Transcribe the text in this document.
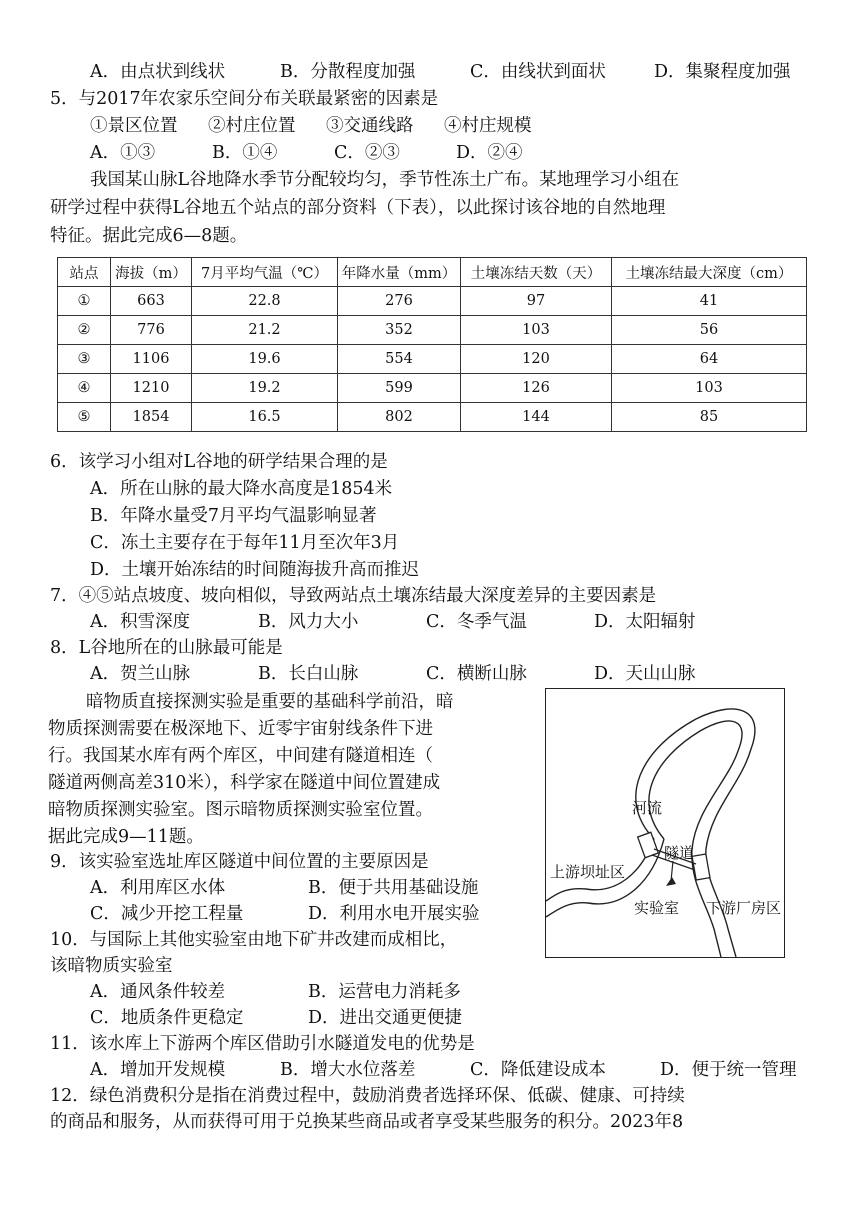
A．由点状到线状	B．分散程度加强	C．由线状到面状	D．集聚程度加强
5．与2017年农家乐空间分布关联最紧密的因素是
①景区位置	②村庄位置	③交通线路	④村庄规模
A．①③	B．①④	C．②③	D．②④
我国某山脉L谷地降水季节分配较均匀，季节性冻土广布。某地理学习小组在
研学过程中获得L谷地五个站点的部分资料（下表），以此探讨该谷地的自然地理
特征。据此完成6—8题。
站点	海拔（m）	7月平均气温（℃）	年降水量（mm）	土壤冻结天数（天）	土壤冻结最大深度（cm）
①	663	22.8	276	97	41
②	776	21.2	352	103	56
③	1106	19.6	554	120	64
④	1210	19.2	599	126	103
⑤	1854	16.5	802	144	85
6．该学习小组对L谷地的研学结果合理的是
A．所在山脉的最大降水高度是1854米
B．年降水量受7月平均气温影响显著
C．冻土主要存在于每年11月至次年3月
D．土壤开始冻结的时间随海拔升高而推迟
7．④⑤站点坡度、坡向相似，导致两站点土壤冻结最大深度差异的主要因素是
A．积雪深度	B．风力大小	C．冬季气温	D．太阳辐射
8．L谷地所在的山脉最可能是
A．贺兰山脉	B．长白山脉	C．横断山脉	D．天山山脉
暗物质直接探测实验是重要的基础科学前沿，暗
物质探测需要在极深地下、近零宇宙射线条件下进
行。我国某水库有两个库区，中间建有隧道相连（
隧道两侧高差310米），科学家在隧道中间位置建成
暗物质探测实验室。图示暗物质探测实验室位置。
据此完成9—11题。
9．该实验室选址库区隧道中间位置的主要原因是
A．利用库区水体	B．便于共用基础设施
C．减少开挖工程量	D．利用水电开展实验
10．与国际上其他实验室由地下矿井改建而成相比，
该暗物质实验室
A．通风条件较差	B．运营电力消耗多
C．地质条件更稳定	D．进出交通更便捷
11．该水库上下游两个库区借助引水隧道发电的优势是
A．增加开发规模	B．增大水位落差	C．降低建设成本	D．便于统一管理
12．绿色消费积分是指在消费过程中，鼓励消费者选择环保、低碳、健康、可持续
的商品和服务，从而获得可用于兑换某些商品或者享受某些服务的积分。2023年8
河流
隧道
上游坝址区
实验室 下游厂房区
